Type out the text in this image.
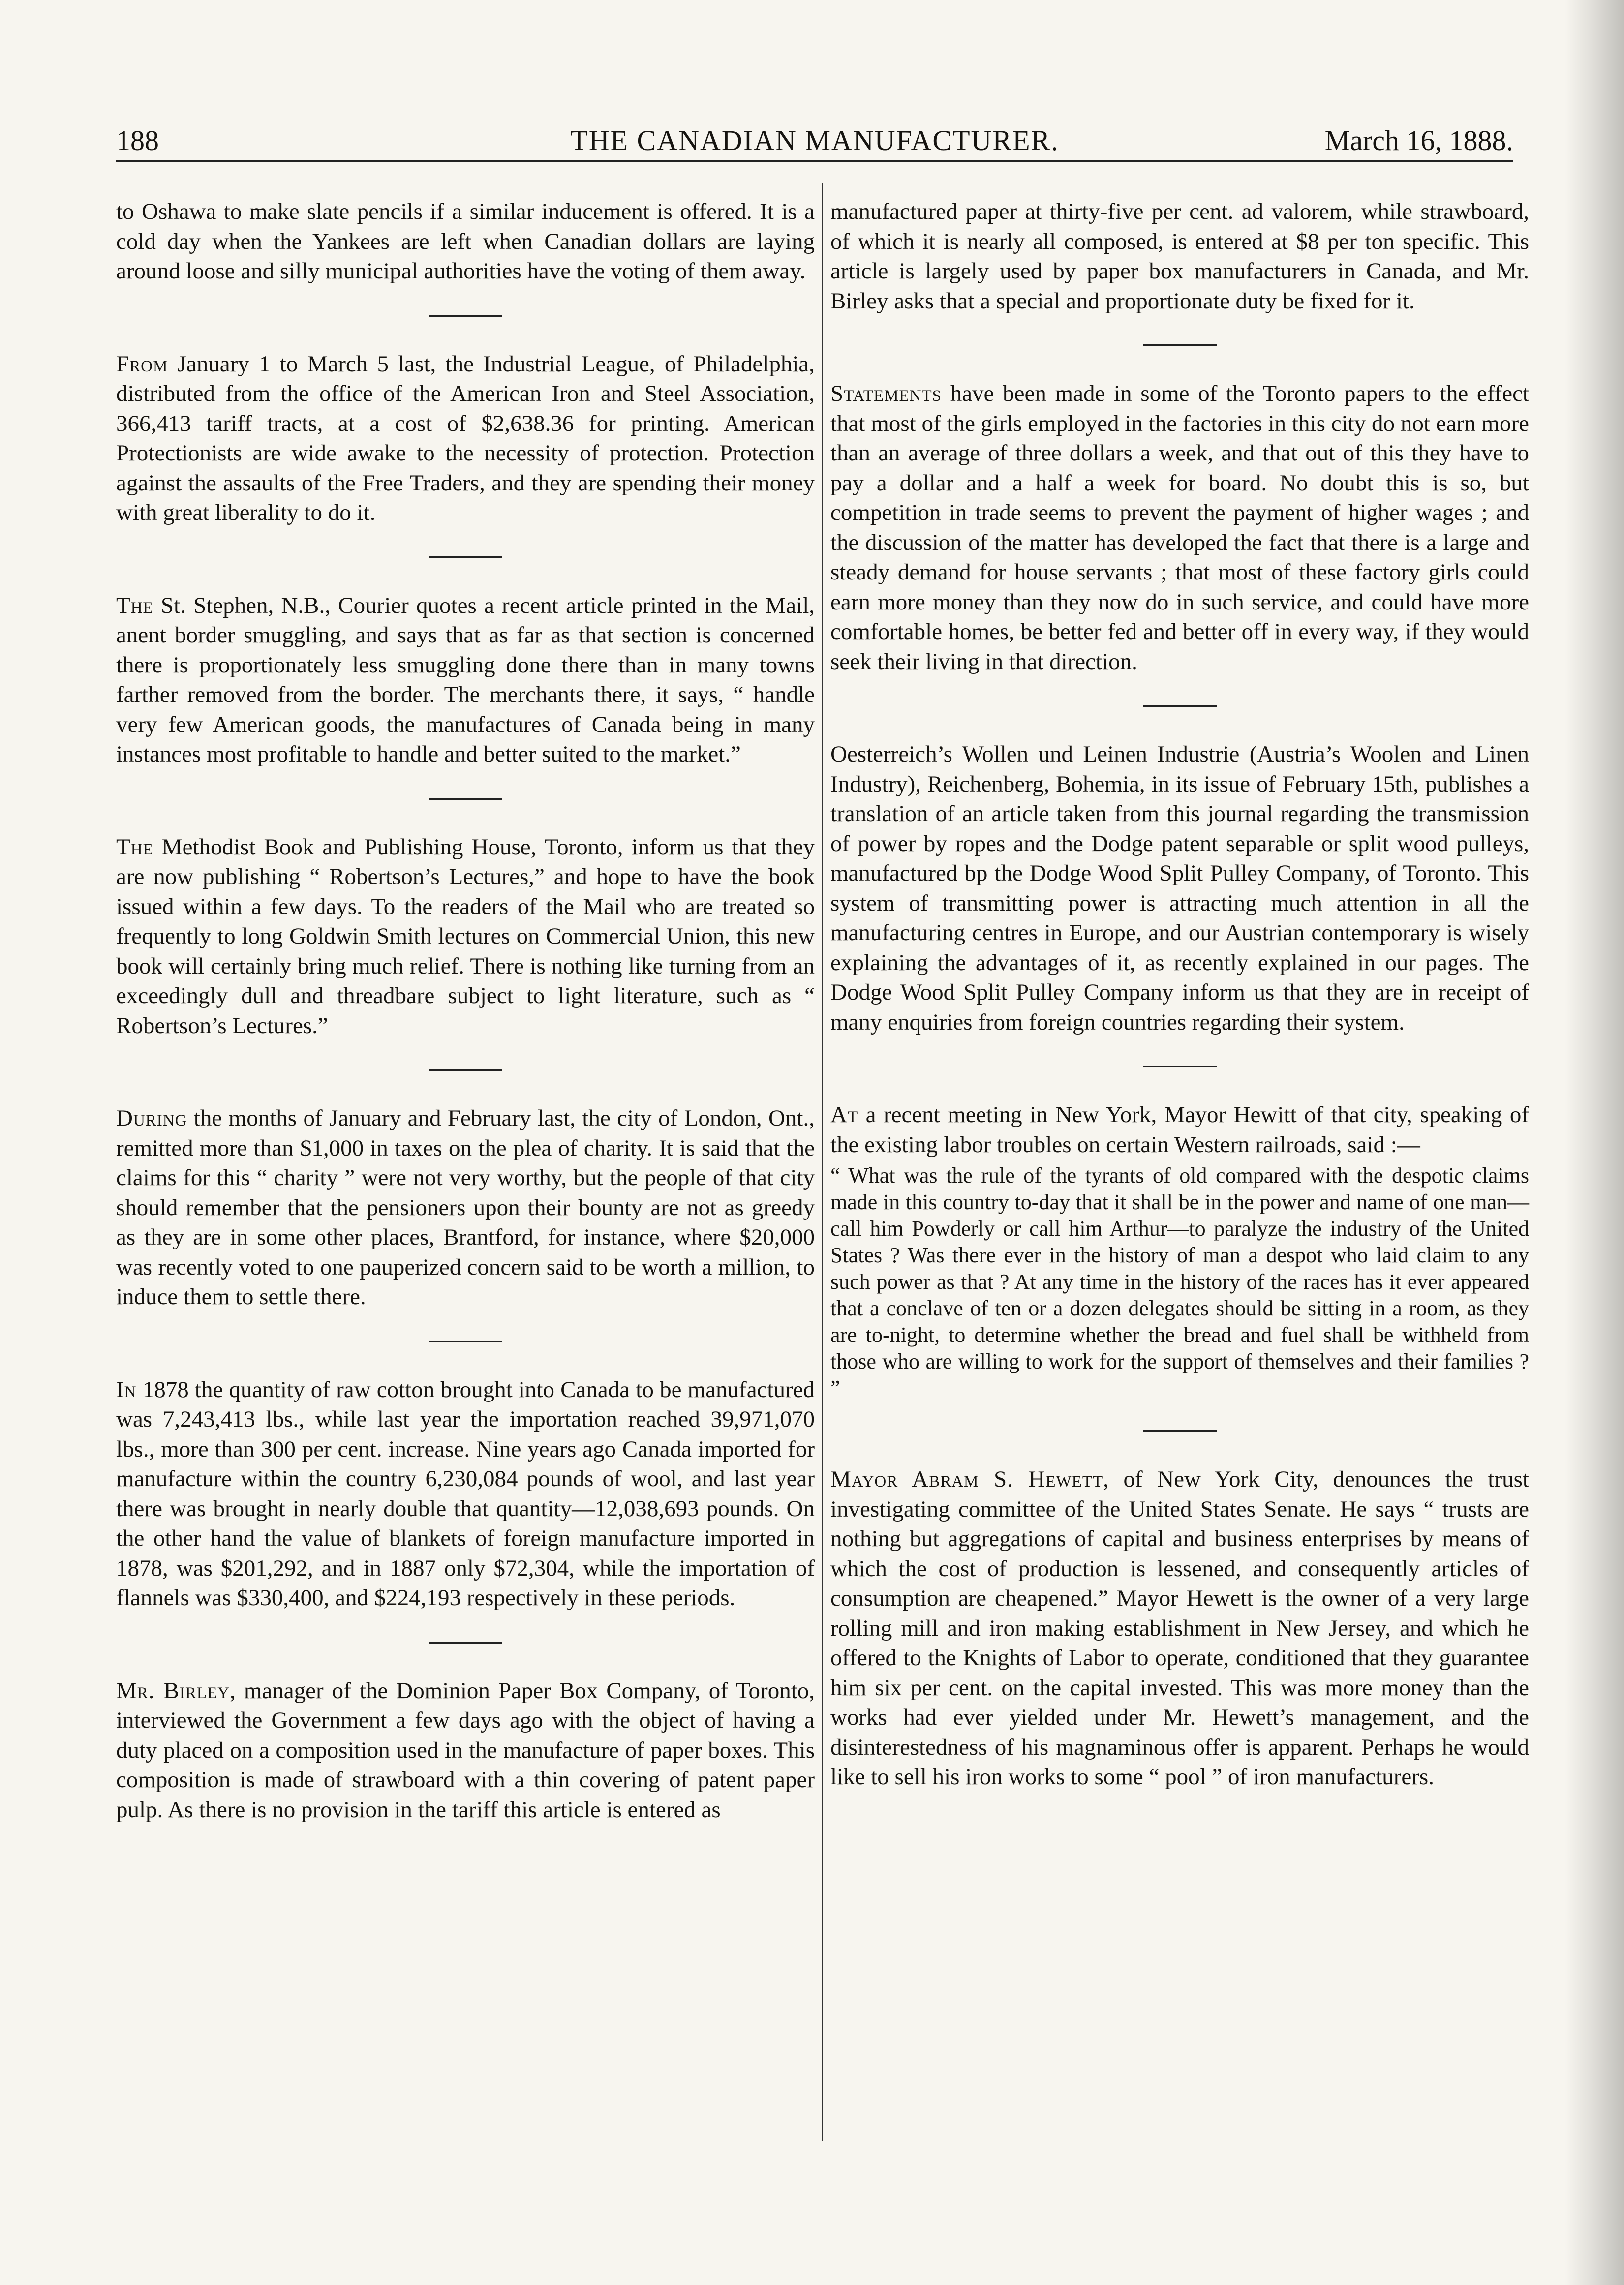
188	THE CANADIAN MANUFACTURER.	March 16, 1888.

to Oshawa to make slate pencils if a similar inducement is offered. It is a cold day when the Yankees are left when Canadian dollars are laying around loose and silly municipal authorities have the voting of them away.

From January 1 to March 5 last, the Industrial League, of Philadelphia, distributed from the office of the American Iron and Steel Association, 366,413 tariff tracts, at a cost of $2,638.36 for printing. American Protectionists are wide awake to the necessity of protection. Protection against the assaults of the Free Traders, and they are spending their money with great liberality to do it.

The St. Stephen, N.B., Courier quotes a recent article printed in the Mail, anent border smuggling, and says that as far as that section is concerned there is proportionately less smuggling done there than in many towns farther removed from the border. The merchants there, it says, “ handle very few American goods, the manufactures of Canada being in many instances most profitable to handle and better suited to the market.”

The Methodist Book and Publishing House, Toronto, inform us that they are now publishing “ Robertson’s Lectures,” and hope to have the book issued within a few days. To the readers of the Mail who are treated so frequently to long Goldwin Smith lectures on Commercial Union, this new book will certainly bring much relief. There is nothing like turning from an exceedingly dull and threadbare subject to light literature, such as “ Robertson’s Lectures.”

During the months of January and February last, the city of London, Ont., remitted more than $1,000 in taxes on the plea of charity. It is said that the claims for this “ charity ” were not very worthy, but the people of that city should remember that the pensioners upon their bounty are not as greedy as they are in some other places, Brantford, for instance, where $20,000 was recently voted to one pauperized concern said to be worth a million, to induce them to settle there.

In 1878 the quantity of raw cotton brought into Canada to be manufactured was 7,243,413 lbs., while last year the importation reached 39,971,070 lbs., more than 300 per cent. increase. Nine years ago Canada imported for manufacture within the country 6,230,084 pounds of wool, and last year there was brought in nearly double that quantity—12,038,693 pounds. On the other hand the value of blankets of foreign manufacture imported in 1878, was $201,292, and in 1887 only $72,304, while the importation of flannels was $330,400, and $224,193 respectively in these periods.

Mr. Birley, manager of the Dominion Paper Box Company, of Toronto, interviewed the Government a few days ago with the object of having a duty placed on a composition used in the manufacture of paper boxes. This composition is made of strawboard with a thin covering of patent paper pulp. As there is no provision in the tariff this article is entered as

manufactured paper at thirty-five per cent. ad valorem, while strawboard, of which it is nearly all composed, is entered at $8 per ton specific. This article is largely used by paper box manufacturers in Canada, and Mr. Birley asks that a special and proportionate duty be fixed for it.

Statements have been made in some of the Toronto papers to the effect that most of the girls employed in the factories in this city do not earn more than an average of three dollars a week, and that out of this they have to pay a dollar and a half a week for board. No doubt this is so, but competition in trade seems to prevent the payment of higher wages ; and the discussion of the matter has developed the fact that there is a large and steady demand for house servants ; that most of these factory girls could earn more money than they now do in such service, and could have more comfortable homes, be better fed and better off in every way, if they would seek their living in that direction.

Oesterreich’s Wollen und Leinen Industrie (Austria’s Woolen and Linen Industry), Reichenberg, Bohemia, in its issue of February 15th, publishes a translation of an article taken from this journal regarding the transmission of power by ropes and the Dodge patent separable or split wood pulleys, manufactured bp the Dodge Wood Split Pulley Company, of Toronto. This system of transmitting power is attracting much attention in all the manufacturing centres in Europe, and our Austrian contemporary is wisely explaining the advantages of it, as recently explained in our pages. The Dodge Wood Split Pulley Company inform us that they are in receipt of many enquiries from foreign countries regarding their system.

At a recent meeting in New York, Mayor Hewitt of that city, speaking of the existing labor troubles on certain Western railroads, said :—

“ What was the rule of the tyrants of old compared with the despotic claims made in this country to-day that it shall be in the power and name of one man—call him Powderly or call him Arthur—to paralyze the industry of the United States ? Was there ever in the history of man a despot who laid claim to any such power as that ? At any time in the history of the races has it ever appeared that a conclave of ten or a dozen delegates should be sitting in a room, as they are to-night, to determine whether the bread and fuel shall be withheld from those who are willing to work for the support of themselves and their families ? ”

Mayor Abram S. Hewett, of New York City, denounces the trust investigating committee of the United States Senate. He says “ trusts are nothing but aggregations of capital and business enterprises by means of which the cost of production is lessened, and consequently articles of consumption are cheapened.” Mayor Hewett is the owner of a very large rolling mill and iron making establishment in New Jersey, and which he offered to the Knights of Labor to operate, conditioned that they guarantee him six per cent. on the capital invested. This was more money than the works had ever yielded under Mr. Hewett’s management, and the disinterestedness of his magnaminous offer is apparent. Perhaps he would like to sell his iron works to some “ pool ” of iron manufacturers.
